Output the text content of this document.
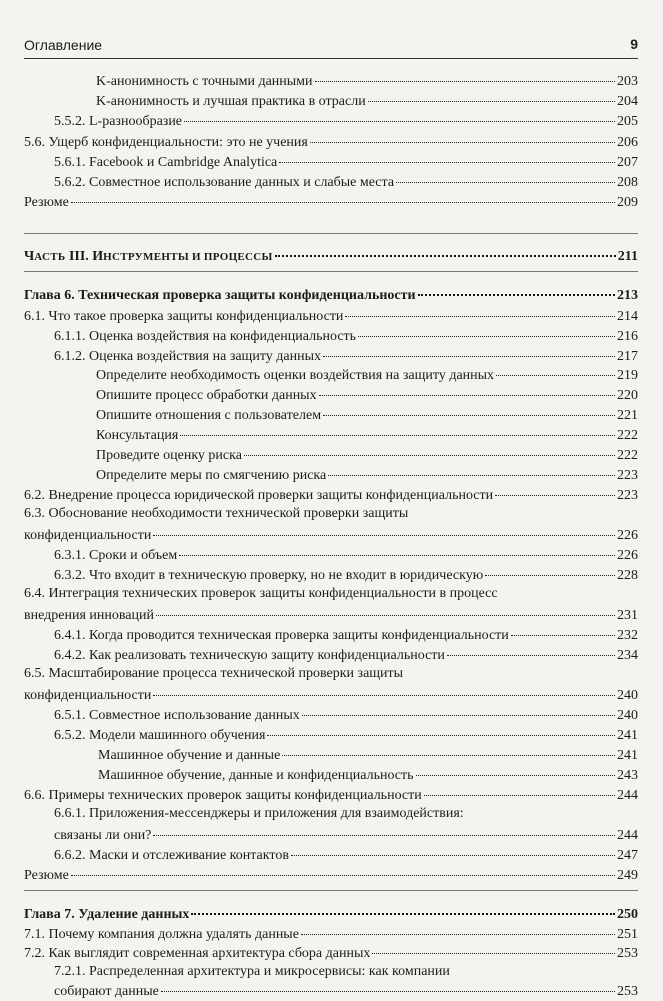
Оглавление	9
K-анонимность с точными данными	203
K-анонимность и лучшая практика в отрасли	204
5.5.2. L-разнообразие	205
5.6. Ущерб конфиденциальности: это не учения	206
5.6.1. Facebook и Cambridge Analytica	207
5.6.2. Совместное использование данных и слабые места	208
Резюме	209
ЧАСТЬ III. ИНСТРУМЕНТЫ И ПРОЦЕССЫ	211
Глава 6. Техническая проверка защиты конфиденциальности	213
6.1. Что такое проверка защиты конфиденциальности	214
6.1.1. Оценка воздействия на конфиденциальность	216
6.1.2. Оценка воздействия на защиту данных	217
Определите необходимость оценки воздействия на защиту данных	219
Опишите процесс обработки данных	220
Опишите отношения с пользователем	221
Консультация	222
Проведите оценку риска	222
Определите меры по смягчению риска	223
6.2. Внедрение процесса юридической проверки защиты конфиденциальности	223
6.3. Обоснование необходимости технической проверки защиты
конфиденциальности	226
6.3.1. Сроки и объем	226
6.3.2. Что входит в техническую проверку, но не входит в юридическую	228
6.4. Интеграция технических проверок защиты конфиденциальности в процесс
внедрения инноваций	231
6.4.1. Когда проводится техническая проверка защиты конфиденциальности	232
6.4.2. Как реализовать техническую защиту конфиденциальности	234
6.5. Масштабирование процесса технической проверки защиты
конфиденциальности	240
6.5.1. Совместное использование данных	240
6.5.2. Модели машинного обучения	241
Машинное обучение и данные	241
Машинное обучение, данные и конфиденциальность	243
6.6. Примеры технических проверок защиты конфиденциальности	244
6.6.1. Приложения-мессенджеры и приложения для взаимодействия:
связаны ли они?	244
6.6.2. Маски и отслеживание контактов	247
Резюме	249
Глава 7. Удаление данных	250
7.1. Почему компания должна удалять данные	251
7.2. Как выглядит современная архитектура сбора данных	253
7.2.1. Распределенная архитектура и микросервисы: как компании
собирают данные	253
